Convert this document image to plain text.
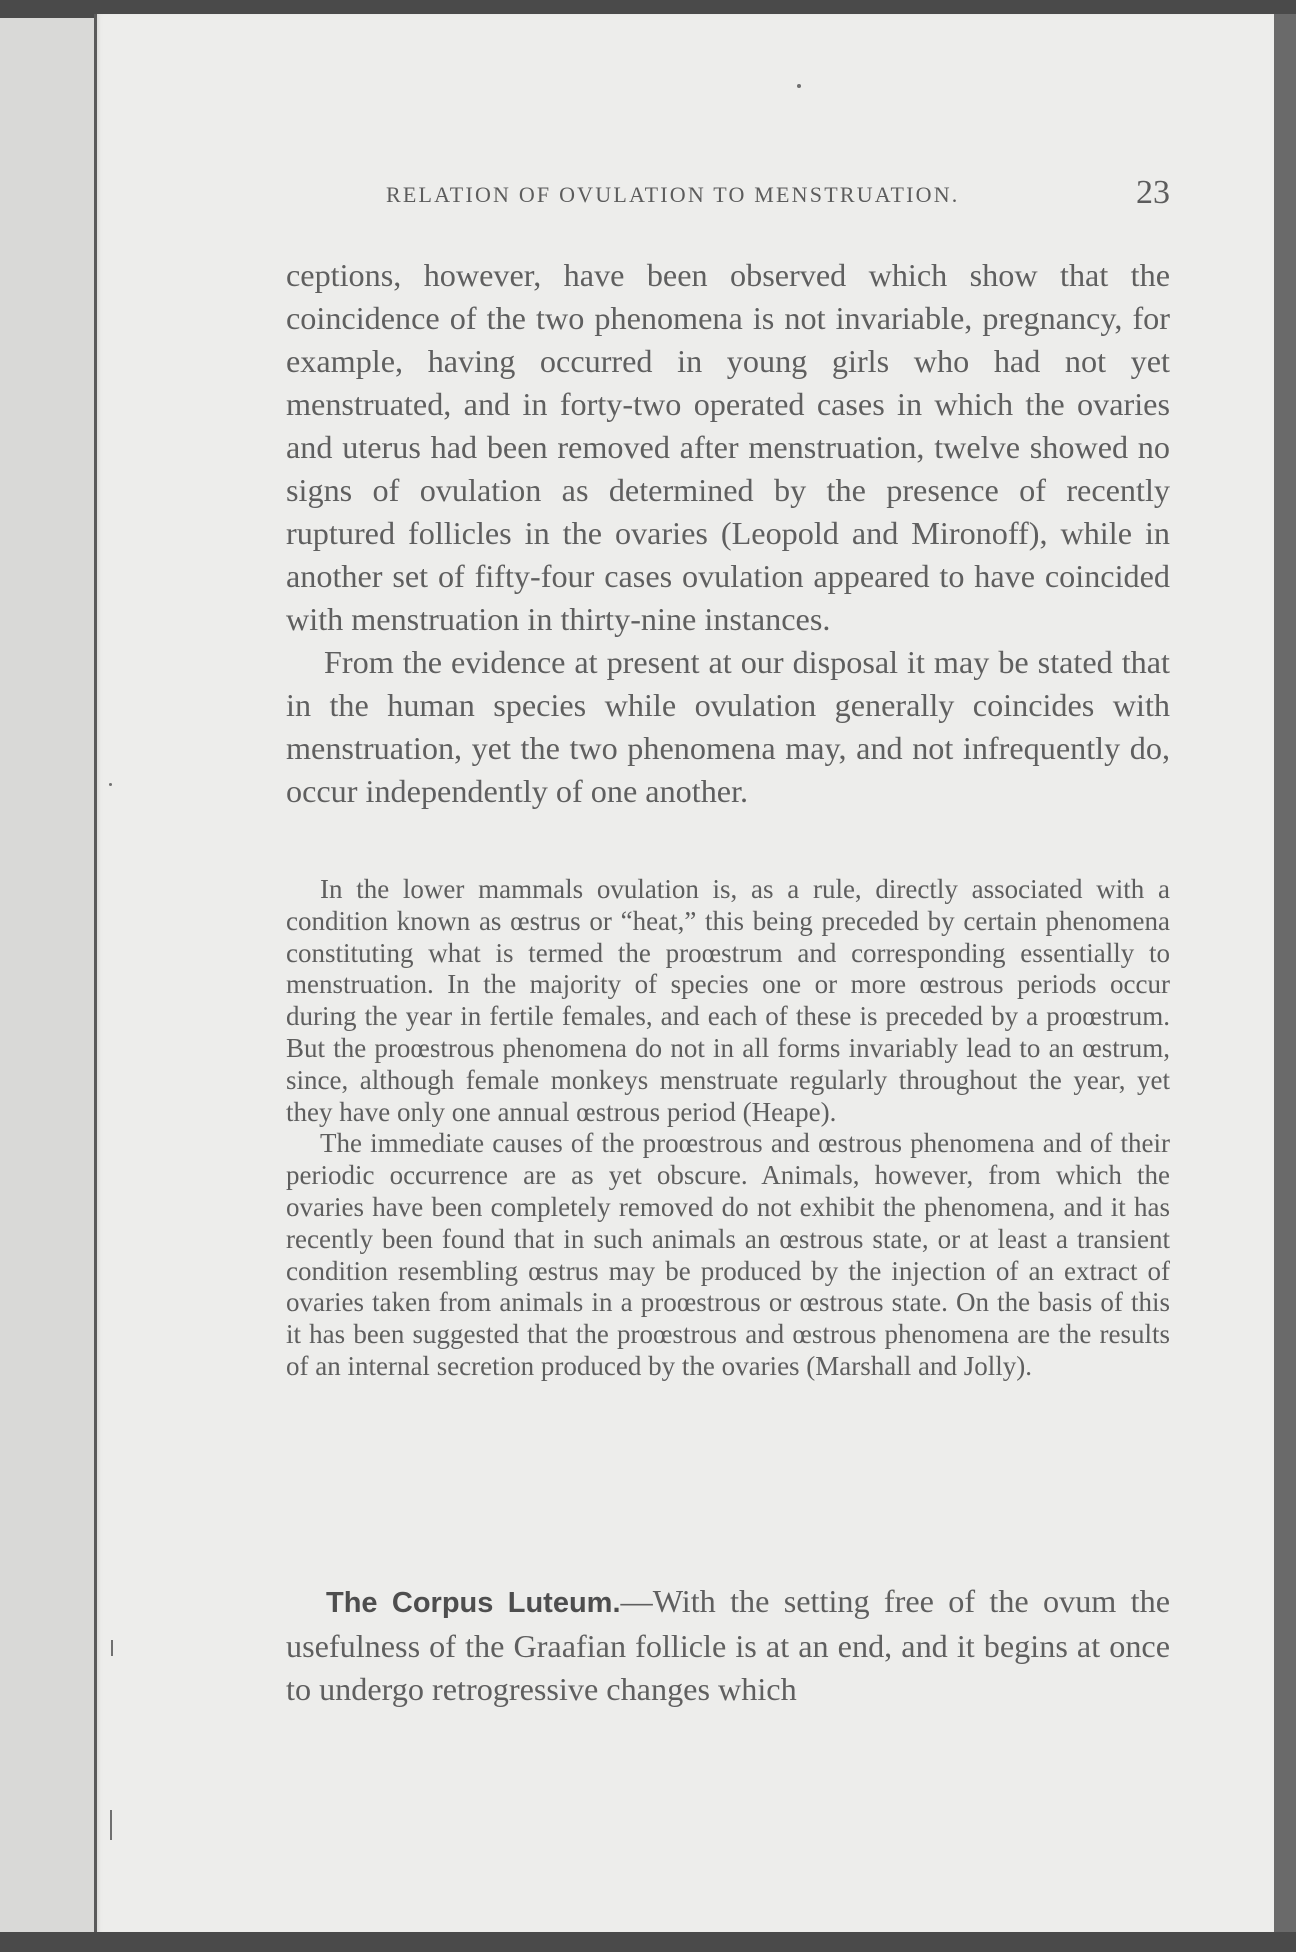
RELATION OF OVULATION TO MENSTRUATION.	23

ceptions, however, have been observed which show that the coincidence of the two phenomena is not invariable, pregnancy, for example, having occurred in young girls who had not yet menstruated, and in forty-two operated cases in which the ovaries and uterus had been removed after menstruation, twelve showed no signs of ovulation as determined by the presence of recently ruptured follicles in the ovaries (Leopold and Mironoff), while in another set of fifty-four cases ovulation appeared to have coincided with menstruation in thirty-nine instances.

From the evidence at present at our disposal it may be stated that in the human species while ovulation generally coincides with menstruation, yet the two phenomena may, and not infrequently do, occur independently of one another.

In the lower mammals ovulation is, as a rule, directly associated with a condition known as œstrus or “heat,” this being preceded by certain phenomena constituting what is termed the proœstrum and corresponding essentially to menstruation. In the majority of species one or more œstrous periods occur during the year in fertile females, and each of these is preceded by a proœstrum. But the proœstrous phenomena do not in all forms invariably lead to an œstrum, since, although female monkeys menstruate regularly throughout the year, yet they have only one annual œstrous period (Heape).

The immediate causes of the proœstrous and œstrous phenomena and of their periodic occurrence are as yet obscure. Animals, however, from which the ovaries have been completely removed do not exhibit the phenomena, and it has recently been found that in such animals an œstrous state, or at least a transient condition resembling œstrus may be produced by the injection of an extract of ovaries taken from animals in a proœstrous or œstrous state. On the basis of this it has been suggested that the proœstrous and œstrous phenomena are the results of an internal secretion produced by the ovaries (Marshall and Jolly).

The Corpus Luteum.—With the setting free of the ovum the usefulness of the Graafian follicle is at an end, and it begins at once to undergo retrogressive changes which
